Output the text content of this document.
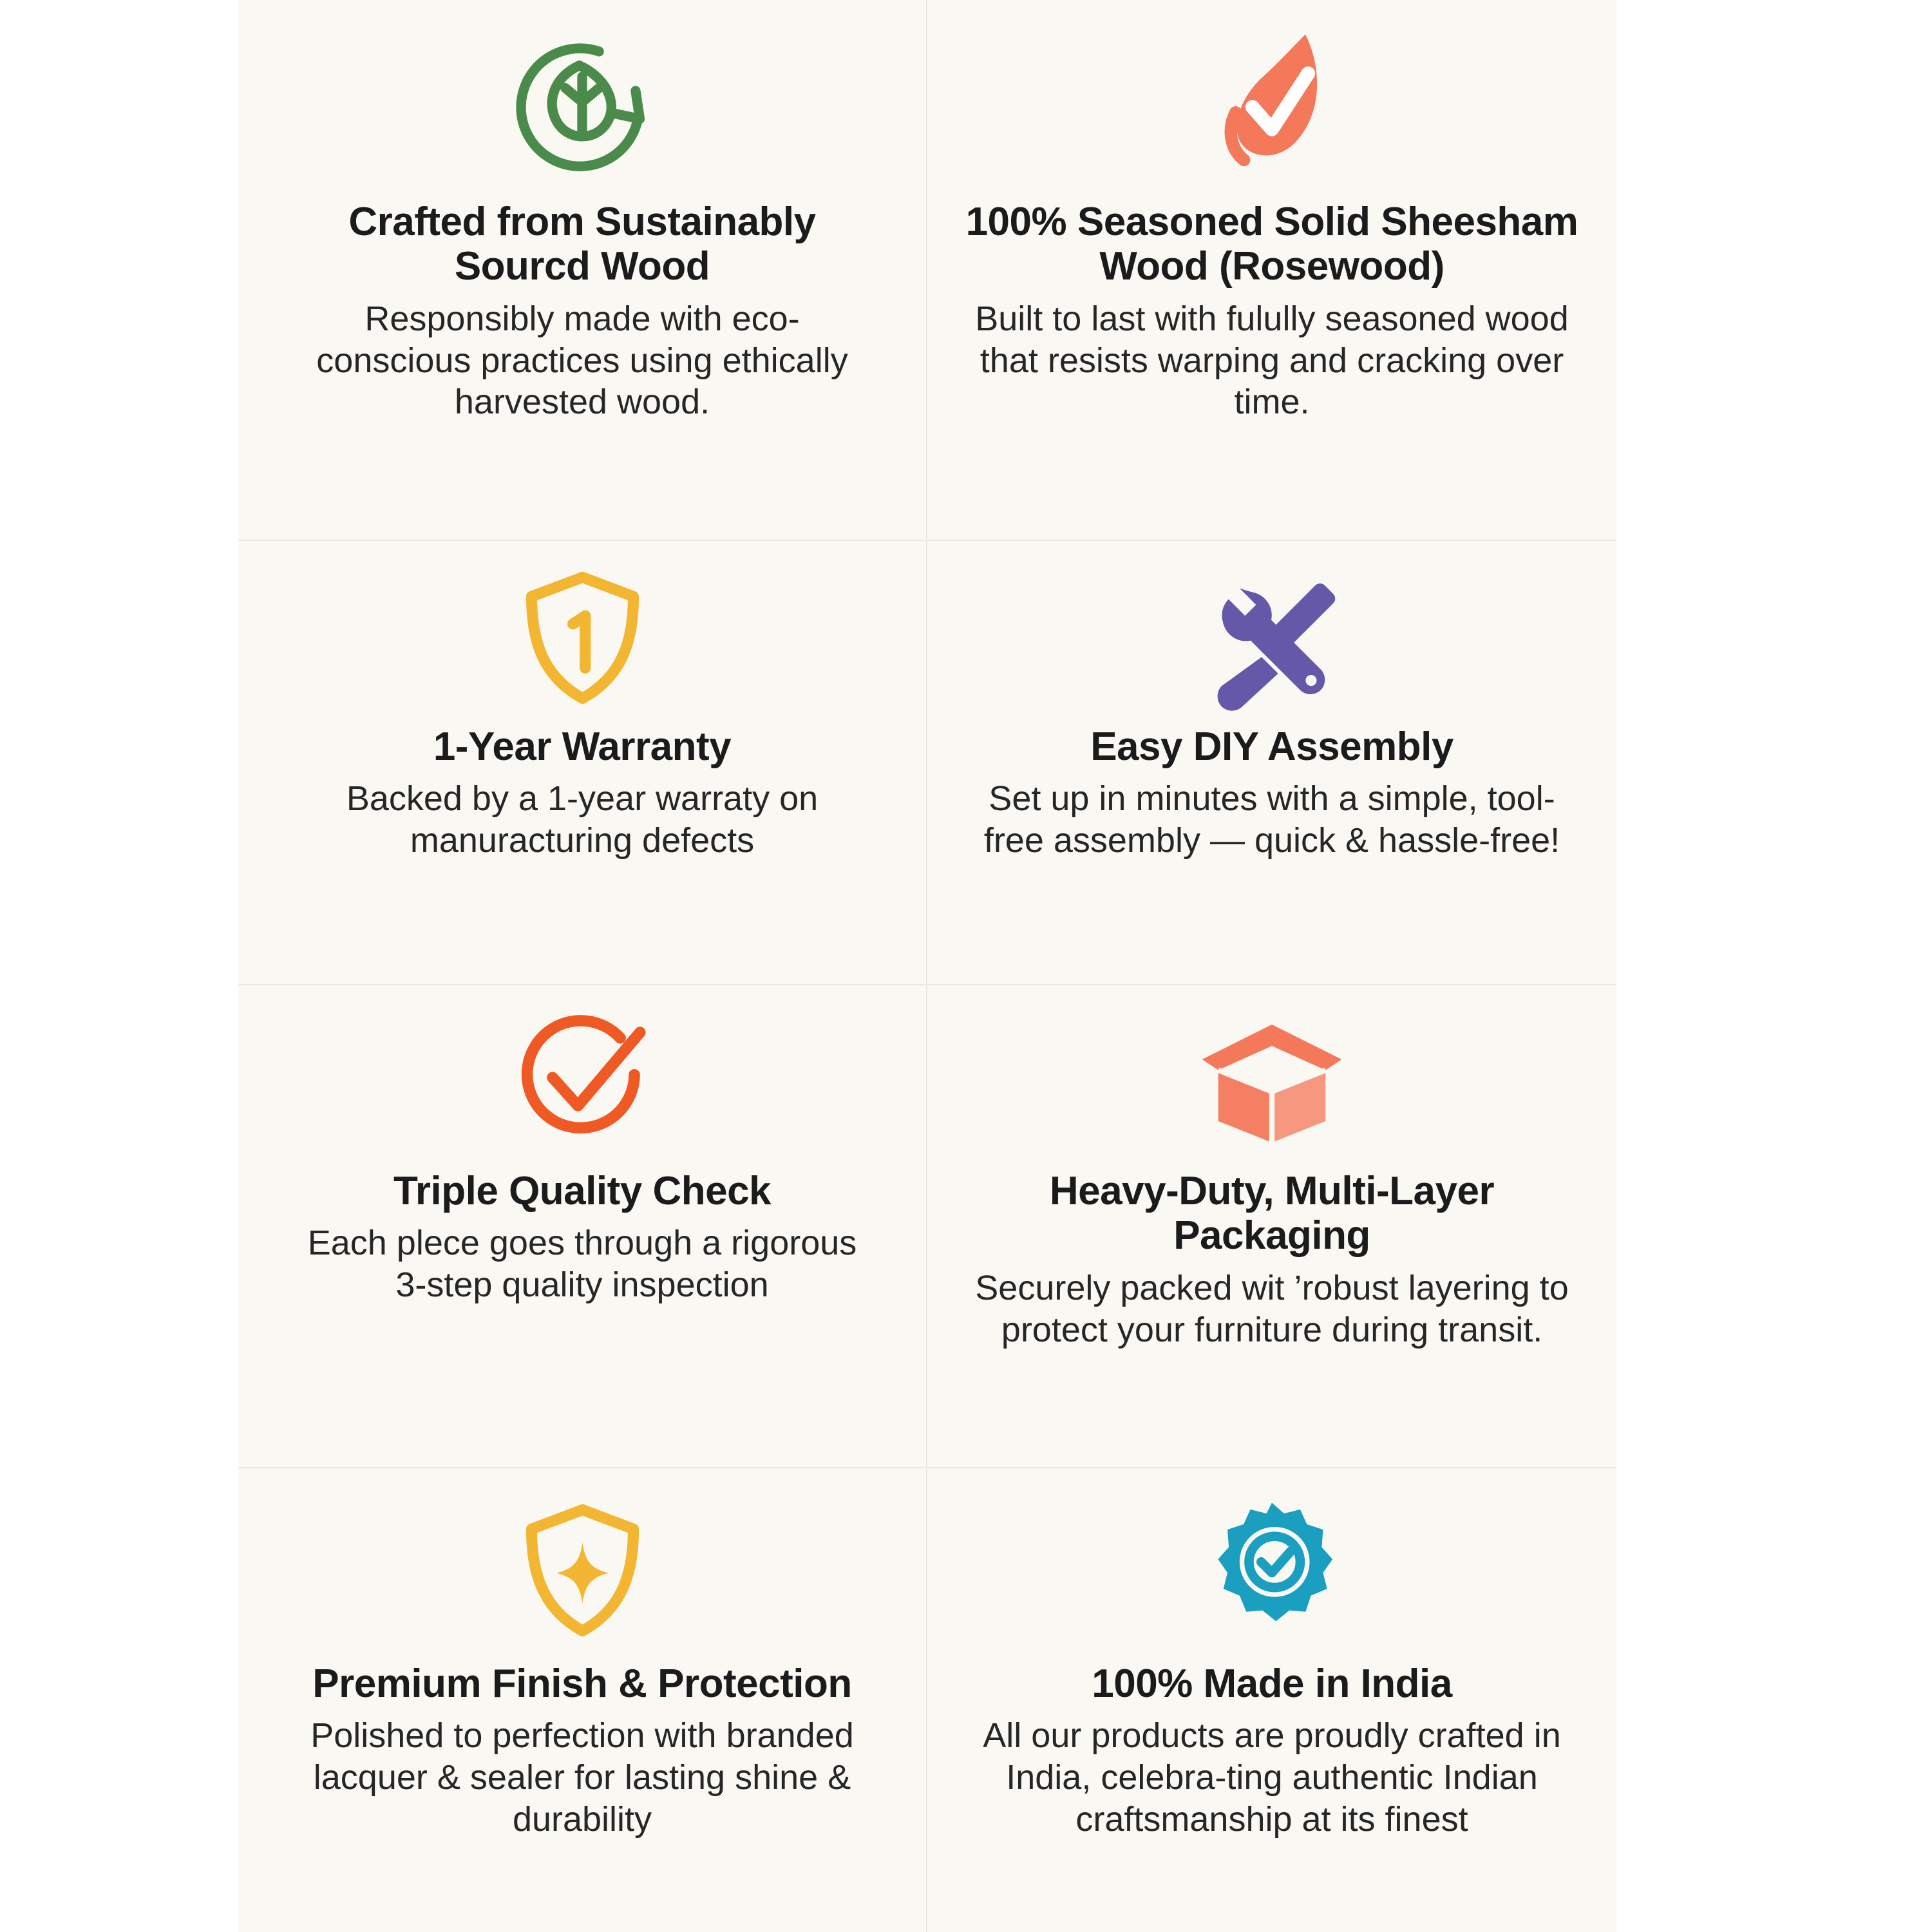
Crafted from Sustainably Sourcd Wood

Responsibly made with eco-conscious practices using ethically harvested wood.

100% Seasoned Solid Sheesham Wood (Rosewood)

Built to last with fulully seasoned wood that resists warping and cracking over time.

1-Year Warranty

Backed by a 1-year warraty on manuracturing defects

Easy DIY Assembly

Set up in minutes with a simple, tool-free assembly — quick & hassle-free!

Triple Quality Check

Each plece goes through a rigorous 3-step quality inspection

Heavy-Duty, Multi-Layer Packaging

Securely packed wit ’robust layering to protect your furniture during transit.

Premium Finish & Protection

Polished to perfection with branded lacquer & sealer for lasting shine & durability

100% Made in India

All our products are proudly crafted in India, celebra-ting authentic Indian craftsmanship at its finest
